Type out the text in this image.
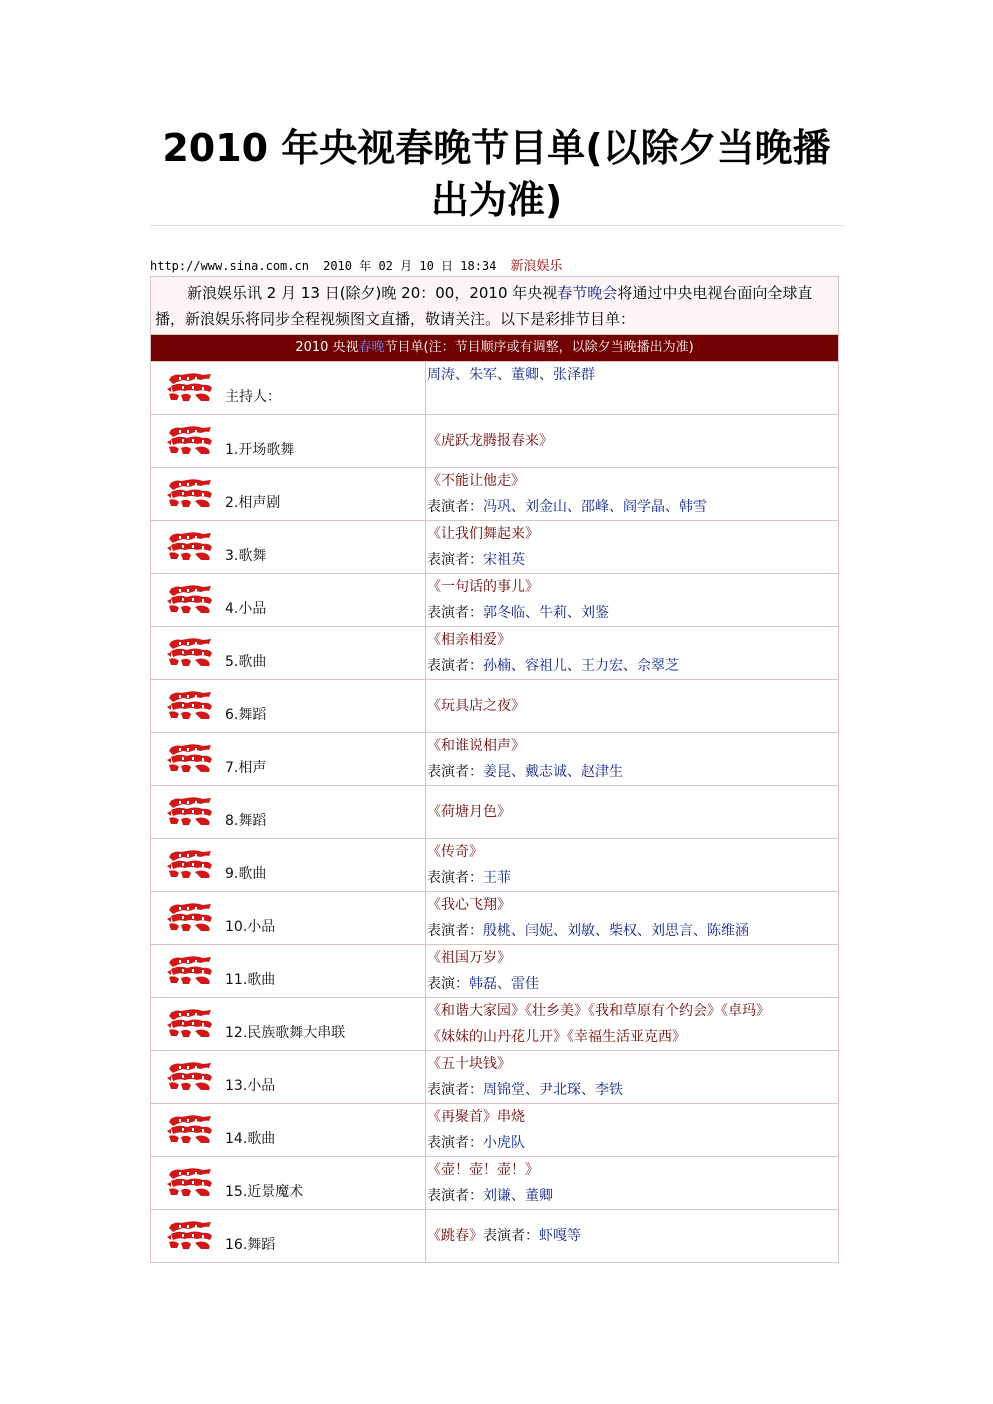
2010 年央视春晚节目单(以除夕当晚播
出为准)
http://www.sina.com.cn 2010 年 02 月 10 日 18:34 新浪娱乐
新浪娱乐讯 2 月 13 日(除夕)晚 20：00，2010 年央视春节晚会将通过中央电视台面向全球直播，新浪娱乐将同步全程视频图文直播，敬请关注。以下是彩排节目单：	
2010 央视春晚节目单(注：节目顺序或有调整，以除夕当晚播出为准)	

主持人：	周涛、朱军、董卿、张泽群

1.开场歌舞	《虎跃龙腾报春来》

2.相声剧	《不能让他走》
表演者：冯巩、刘金山、邵峰、阎学晶、韩雪

3.歌舞	《让我们舞起来》
表演者：宋祖英

4.小品	《一句话的事儿》
表演者：郭冬临、牛莉、刘鉴

5.歌曲	《相亲相爱》
表演者：孙楠、容祖儿、王力宏、佘翠芝

6.舞蹈	《玩具店之夜》

7.相声	《和谁说相声》
表演者：姜昆、戴志诚、赵津生

8.舞蹈	《荷塘月色》

9.歌曲	《传奇》
表演者：王菲

10.小品	《我心飞翔》
表演者：殷桃、闫妮、刘敏、柴权、刘思言、陈维涵

11.歌曲	《祖国万岁》
表演：韩磊、雷佳

12.民族歌舞大串联	《和谐大家园》《壮乡美》《我和草原有个约会》《卓玛》
《妹妹的山丹花儿开》《幸福生活亚克西》

13.小品	《五十块钱》
表演者：周锦堂、尹北琛、李铁

14.歌曲	《再聚首》串烧
表演者：小虎队

15.近景魔术	《壶！壶！壶！》
表演者：刘谦、董卿

16.舞蹈	《跳春》表演者：虾嘎等
